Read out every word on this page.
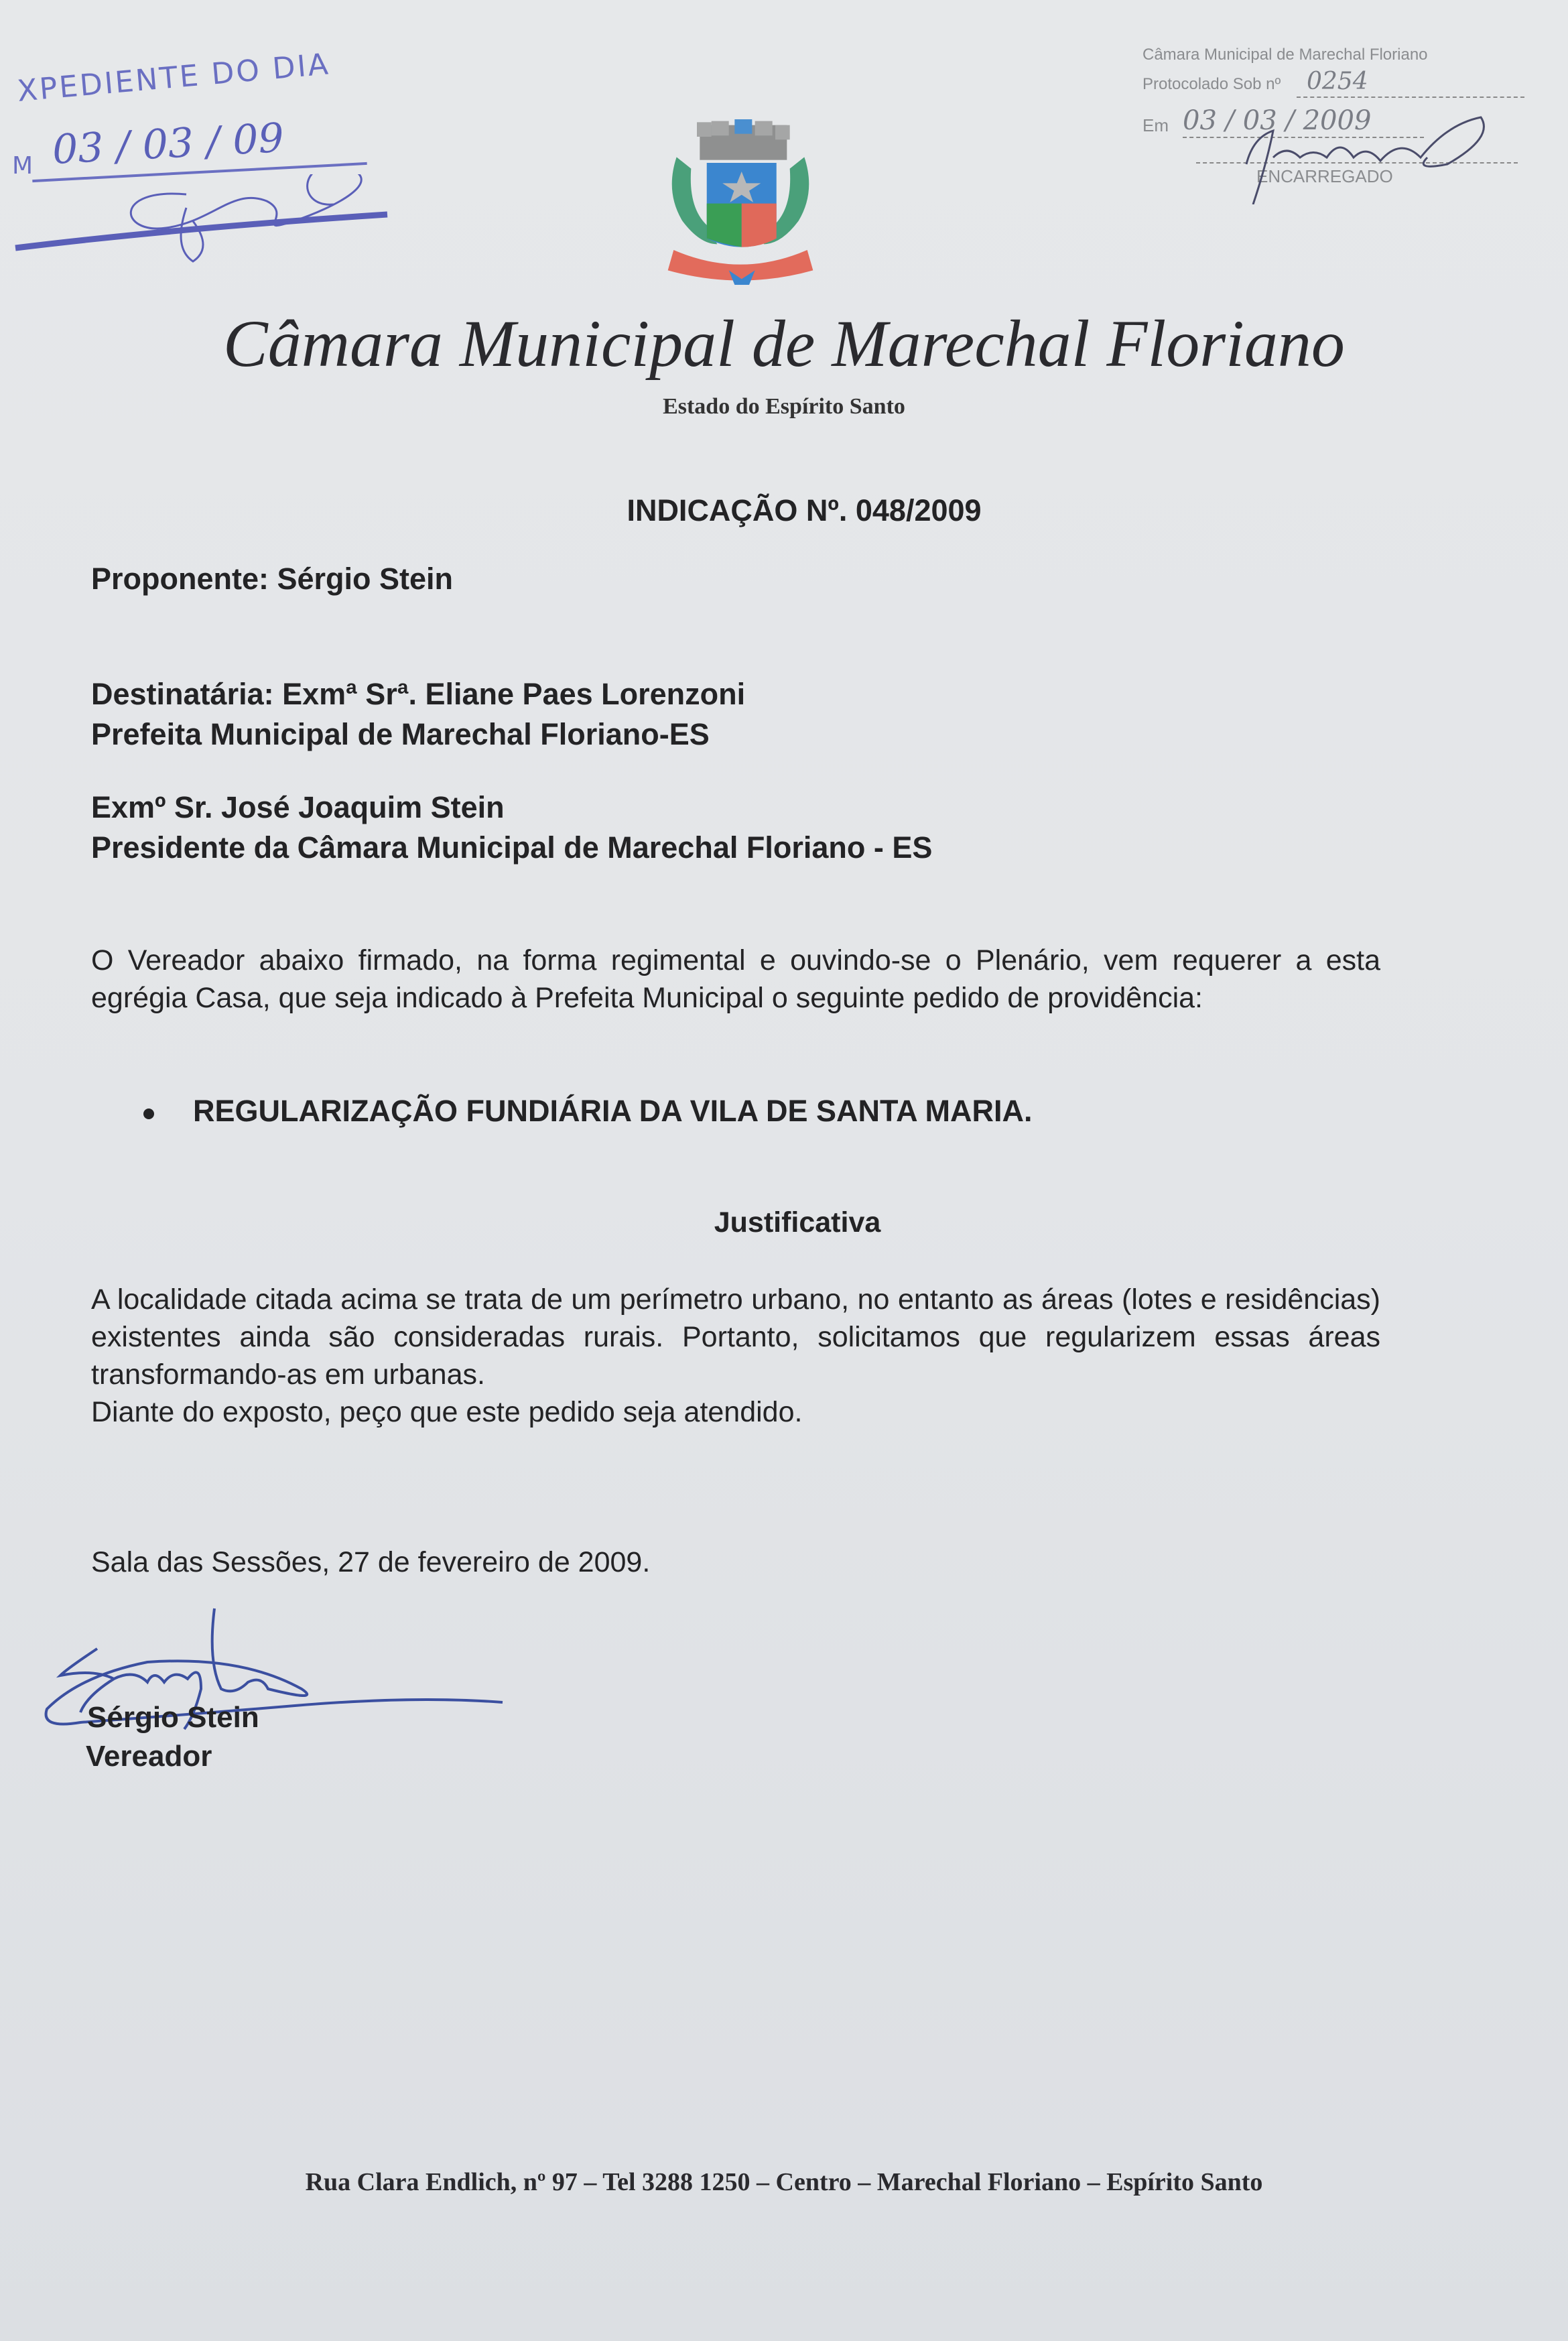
XPEDIENTE DO DIA
M 03 / 03 / 09
Câmara Municipal de Marechal Floriano
Protocolado Sob nº 0254
Em 03 / 03 / 2009
ENCARREGADO
Câmara Municipal de Marechal Floriano
Estado do Espírito Santo
INDICAÇÃO Nº. 048/2009
Proponente: Sérgio Stein
Destinatária: Exmª Srª. Eliane Paes Lorenzoni
Prefeita Municipal de Marechal Floriano-ES
Exmº Sr. José Joaquim Stein
Presidente da Câmara Municipal de Marechal Floriano - ES
O Vereador abaixo firmado, na forma regimental e ouvindo-se o Plenário, vem requerer a esta egrégia Casa, que seja indicado à Prefeita Municipal o seguinte pedido de providência:
REGULARIZAÇÃO FUNDIÁRIA DA VILA DE SANTA MARIA.
Justificativa
A localidade citada acima se trata de um perímetro urbano, no entanto as áreas (lotes e residências) existentes ainda são consideradas rurais. Portanto, solicitamos que regularizem essas áreas transformando-as em urbanas.
Diante do exposto, peço que este pedido seja atendido.
Sala das Sessões, 27 de fevereiro de 2009.
Sérgio Stein
Vereador
Rua Clara Endlich, nº 97 – Tel 3288 1250 – Centro – Marechal Floriano – Espírito Santo
